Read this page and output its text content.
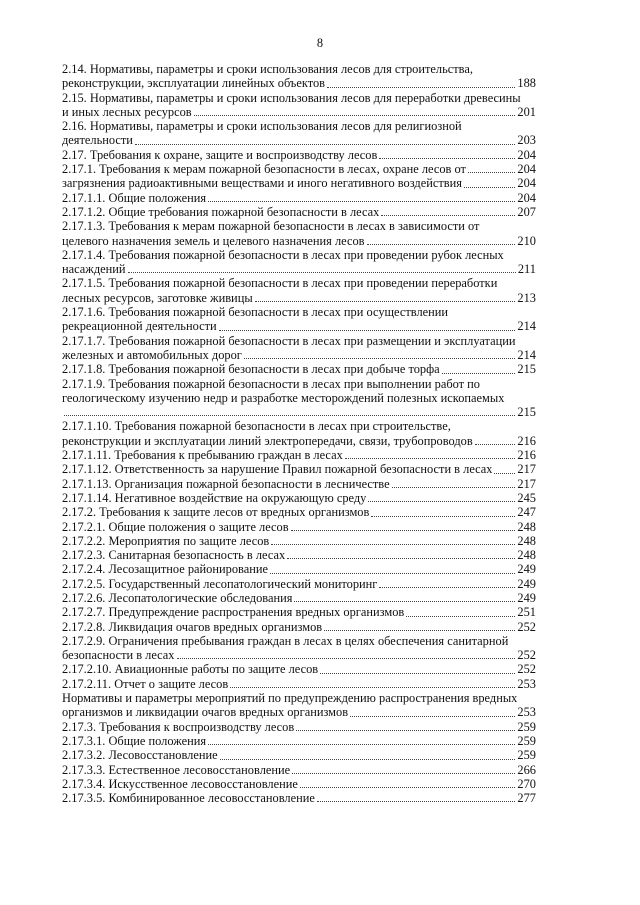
8
2.14. Нормативы, параметры и сроки использования лесов для строительства,
реконструкции, эксплуатации линейных объектов	188
2.15. Нормативы, параметры и сроки использования лесов для переработки древесины
и иных лесных ресурсов	201
2.16. Нормативы, параметры и сроки использования лесов для религиозной
деятельности	203
2.17. Требования к охране, защите и воспроизводству лесов	204
2.17.1. Требования к мерам пожарной безопасности в лесах, охране лесов от	204
загрязнения радиоактивными веществами и иного негативного воздействия	204
2.17.1.1. Общие положения	204
2.17.1.2. Общие требования пожарной безопасности в лесах	207
2.17.1.3. Требования к мерам пожарной безопасности в лесах в зависимости от
целевого назначения земель и целевого назначения лесов	210
2.17.1.4. Требования пожарной безопасности в лесах при проведении рубок лесных
насаждений	211
2.17.1.5. Требования пожарной безопасности в лесах при проведении переработки
лесных ресурсов, заготовке живицы	213
2.17.1.6. Требования пожарной безопасности в лесах при осуществлении
рекреационной деятельности	214
2.17.1.7. Требования пожарной безопасности в лесах при размещении и эксплуатации
железных и автомобильных дорог	214
2.17.1.8. Требования пожарной безопасности в лесах при добыче торфа	215
2.17.1.9. Требования пожарной безопасности в лесах при выполнении работ по
геологическому изучению недр и разработке месторождений полезных ископаемых
215
2.17.1.10. Требования пожарной безопасности в лесах при строительстве,
реконструкции и эксплуатации линий электропередачи, связи, трубопроводов	216
2.17.1.11. Требования к пребыванию граждан в лесах	216
2.17.1.12. Ответственность за нарушение Правил пожарной безопасности в лесах 217
2.17.1.13. Организация пожарной безопасности в лесничестве	217
2.17.1.14. Негативное воздействие на окружающую среду	245
2.17.2. Требования к защите лесов от вредных организмов	247
2.17.2.1. Общие положения о защите лесов	248
2.17.2.2. Мероприятия по защите лесов	248
2.17.2.3. Санитарная безопасность в лесах	248
2.17.2.4. Лесозащитное районирование	249
2.17.2.5. Государственный лесопатологический мониторинг	249
2.17.2.6. Лесопатологические обследования	249
2.17.2.7. Предупреждение распространения вредных организмов	251
2.17.2.8. Ликвидация очагов вредных организмов	252
2.17.2.9. Ограничения пребывания граждан в лесах в целях обеспечения санитарной
безопасности в лесах	252
2.17.2.10. Авиационные работы по защите лесов	252
2.17.2.11. Отчет о защите лесов	253
Нормативы и параметры мероприятий по предупреждению распространения вредных
организмов и ликвидации очагов вредных организмов	253
2.17.3. Требования к воспроизводству лесов	259
2.17.3.1. Общие положения	259
2.17.3.2. Лесовосстановление	259
2.17.3.3. Естественное лесовосстановление	266
2.17.3.4. Искусственное лесовосстановление	270
2.17.3.5. Комбинированное лесовосстановление	277
